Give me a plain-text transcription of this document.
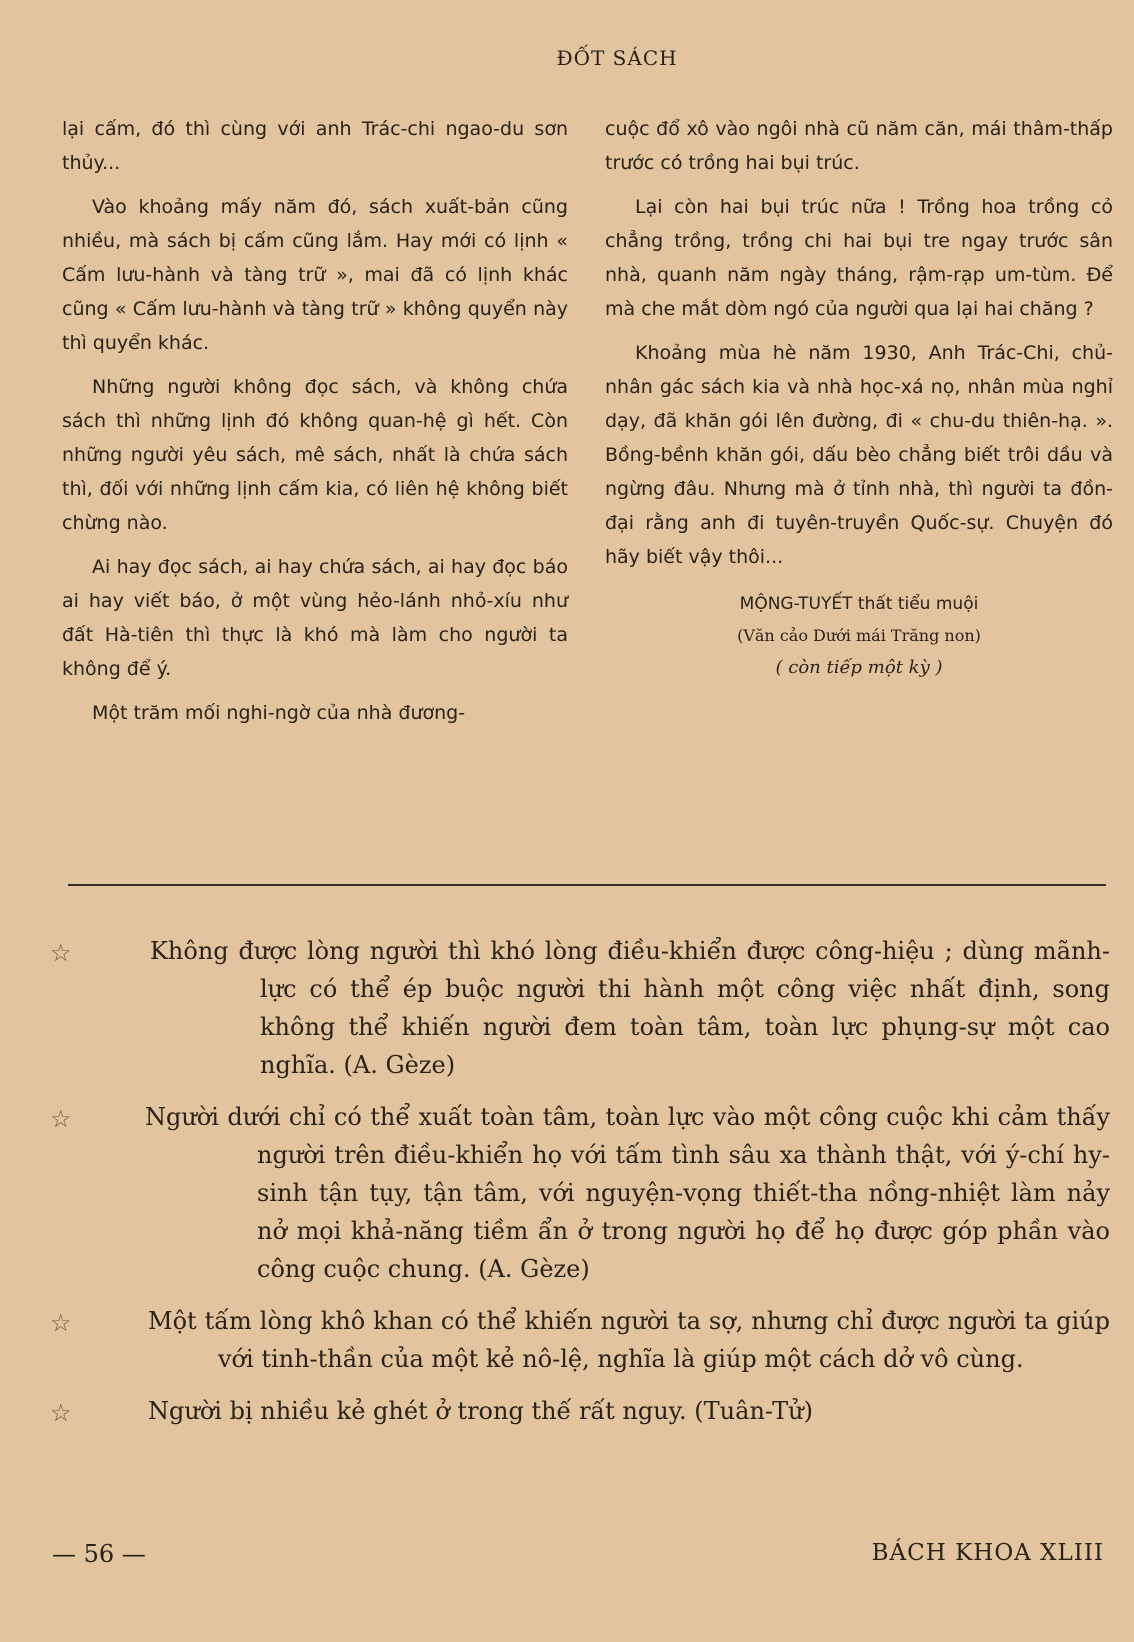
ĐỐT SÁCH

lại cấm, đó thì cùng với anh Trác-chi ngao-du sơn thủy...

Vào khoảng mấy năm đó, sách xuất-bản cũng nhiều, mà sách bị cấm cũng lắm. Hay mới có lịnh « Cấm lưu-hành và tàng trữ », mai đã có lịnh khác cũng « Cấm lưu-hành và tàng trữ » không quyển này thì quyển khác.

Những người không đọc sách, và không chứa sách thì những lịnh đó không quan-hệ gì hết. Còn những người yêu sách, mê sách, nhất là chứa sách thì, đối với những lịnh cấm kia, có liên hệ không biết chừng nào.

Ai hay đọc sách, ai hay chứa sách, ai hay đọc báo ai hay viết báo, ở một vùng hẻo-lánh nhỏ-xíu như đất Hà-tiên thì thực là khó mà làm cho người ta không để ý.

Một trăm mối nghi-ngờ của nhà đương-

cuộc đổ xô vào ngôi nhà cũ năm căn, mái thâm-thấp trước có trồng hai bụi trúc.

Lại còn hai bụi trúc nữa ! Trồng hoa trồng cỏ chẳng trồng, trồng chi hai bụi tre ngay trước sân nhà, quanh năm ngày tháng, rậm-rạp um-tùm. Để mà che mắt dòm ngó của người qua lại hai chăng ?

Khoảng mùa hè năm 1930, Anh Trác-Chi, chủ-nhân gác sách kia và nhà học-xá nọ, nhân mùa nghỉ dạy, đã khăn gói lên đường, đi « chu-du thiên-hạ. ». Bồng-bềnh khăn gói, dấu bèo chẳng biết trôi dầu và ngừng đâu. Nhưng mà ở tỉnh nhà, thì người ta đồn-đại rằng anh đi tuyên-truyền Quốc-sự. Chuyện đó hãy biết vậy thôi...

MỘNG-TUYẾT thất tiểu muội
(Văn cảo Dưới mái Trăng non)
( còn tiếp một kỳ )
☆	Không được lòng người thì khó lòng điều-khiển được công-hiệu ; dùng mãnh-lực có thể ép buộc người thi hành một công việc nhất định, song không thể khiến người đem toàn tâm, toàn lực phụng-sự một cao nghĩa. (A. Gèze)
☆	Người dưới chỉ có thể xuất toàn tâm, toàn lực vào một công cuộc khi cảm thấy người trên điều-khiển họ với tấm tình sâu xa thành thật, với ý-chí hy-sinh tận tụy, tận tâm, với nguyện-vọng thiết-tha nồng-nhiệt làm nảy nở mọi khả-năng tiềm ẩn ở trong người họ để họ được góp phần vào công cuộc chung. (A. Gèze)
☆	Một tấm lòng khô khan có thể khiến người ta sợ, nhưng chỉ được người ta giúp với tinh-thần của một kẻ nô-lệ, nghĩa là giúp một cách dở vô cùng.
☆	Người bị nhiều kẻ ghét ở trong thế rất nguy. (Tuân-Tử)
— 56 —	BÁCH KHOA XLIII
